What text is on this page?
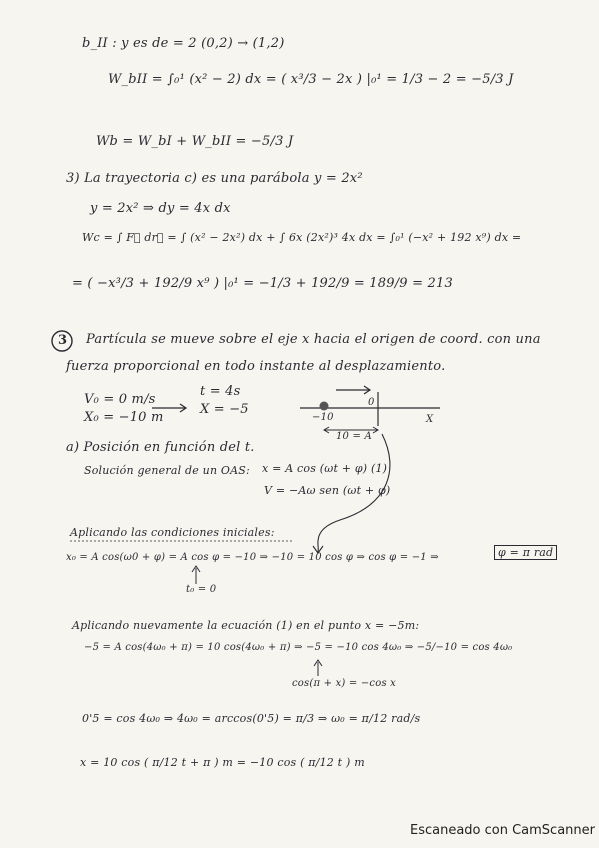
b_II : y es de = 2 (0,2) → (1,2)
W_bII = ∫₀¹ (x² − 2) dx = ( x³/3 − 2x ) |₀¹ = 1/3 − 2 = −5/3 J
Wb = W_bI + W_bII = −5/3 J
3) La trayectoria c) es una parábola y = 2x²
y = 2x² ⇒ dy = 4x dx
Wc = ∫ F⃗ dr⃗ = ∫ (x² − 2x²) dx + ∫ 6x (2x²)³ 4x dx = ∫₀¹ (−x² + 192 x⁹) dx =
= ( −x³/3 + 192/9 x⁹ ) |₀¹ = −1/3 + 192/9 = 189/9 = 213
3 Partícula se mueve sobre el eje x hacia el origen de coord. con una
fuerza proporcional en todo instante al desplazamiento.
V₀ = 0 m/s
X₀ = −10 m
t = 4s
X = −5
−10
0
X
10 = A
a) Posición en función del t.
Solución general de un OAS: x = A cos (ωt + φ) (1)
V = −Aω sen (ωt + φ)
Aplicando las condiciones iniciales:
x₀ = A cos(ω0 + φ) = A cos φ = −10 ⇒ −10 = 10 cos φ ⇒ cos φ = −1 ⇒	φ = π rad
t₀ = 0
Aplicando nuevamente la ecuación (1) en el punto x = −5m:
−5 = A cos(4ω₀ + π) = 10 cos(4ω₀ + π) ⇒ −5 = −10 cos 4ω₀ ⇒ −5/−10 = cos 4ω₀
cos(π + x) = −cos x
0'5 = cos 4ω₀ ⇒ 4ω₀ = arccos(0'5) = π/3 ⇒ ω₀ = π/12 rad/s
x = 10 cos ( π/12 t + π ) m = −10 cos ( π/12 t ) m
Escaneado con CamScanner
